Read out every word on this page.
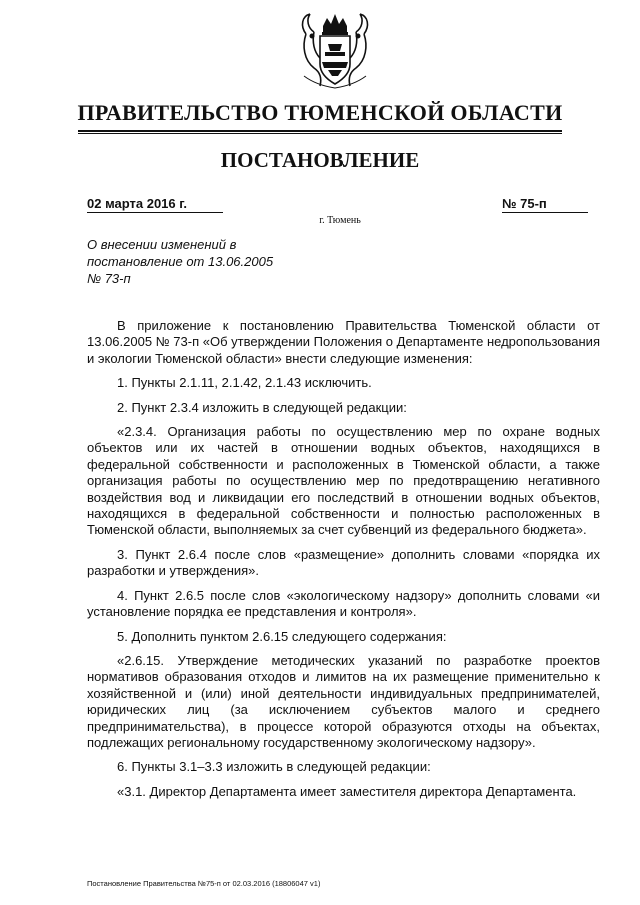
ПРАВИТЕЛЬСТВО ТЮМЕНСКОЙ ОБЛАСТИ
ПОСТАНОВЛЕНИЕ
02 марта 2016 г.	№ 75-п
г. Тюмень
О внесении изменений в
постановление от 13.06.2005
№ 73-п

В приложение к постановлению Правительства Тюменской области от 13.06.2005 № 73-п «Об утверждении Положения о Департаменте недропользования и экологии Тюменской области» внести следующие изменения:

1. Пункты 2.1.11, 2.1.42, 2.1.43 исключить.

2. Пункт 2.3.4 изложить в следующей редакции:

«2.3.4. Организация работы по осуществлению мер по охране водных объектов или их частей в отношении водных объектов, находящихся в федеральной собственности и расположенных в Тюменской области, а также организация работы по осуществлению мер по предотвращению негативного воздействия вод и ликвидации его последствий в отношении водных объектов, находящихся в федеральной собственности и полностью расположенных в Тюменской области, выполняемых за счет субвенций из федерального бюджета».

3. Пункт 2.6.4 после слов «размещение» дополнить словами «порядка их разработки и утверждения».

4. Пункт 2.6.5 после слов «экологическому надзору» дополнить словами «и установление порядка ее представления и контроля».

5. Дополнить пунктом 2.6.15 следующего содержания:

«2.6.15. Утверждение методических указаний по разработке проектов нормативов образования отходов и лимитов на их размещение применительно к хозяйственной и (или) иной деятельности индивидуальных предпринимателей, юридических лиц (за исключением субъектов малого и среднего предпринимательства), в процессе которой образуются отходы на объектах, подлежащих региональному государственному экологическому надзору».

6. Пункты 3.1–3.3 изложить в следующей редакции:

«3.1. Директор Департамента имеет заместителя директора Департамента.

Постановление Правительства №75-п от 02.03.2016 (18806047 v1)
